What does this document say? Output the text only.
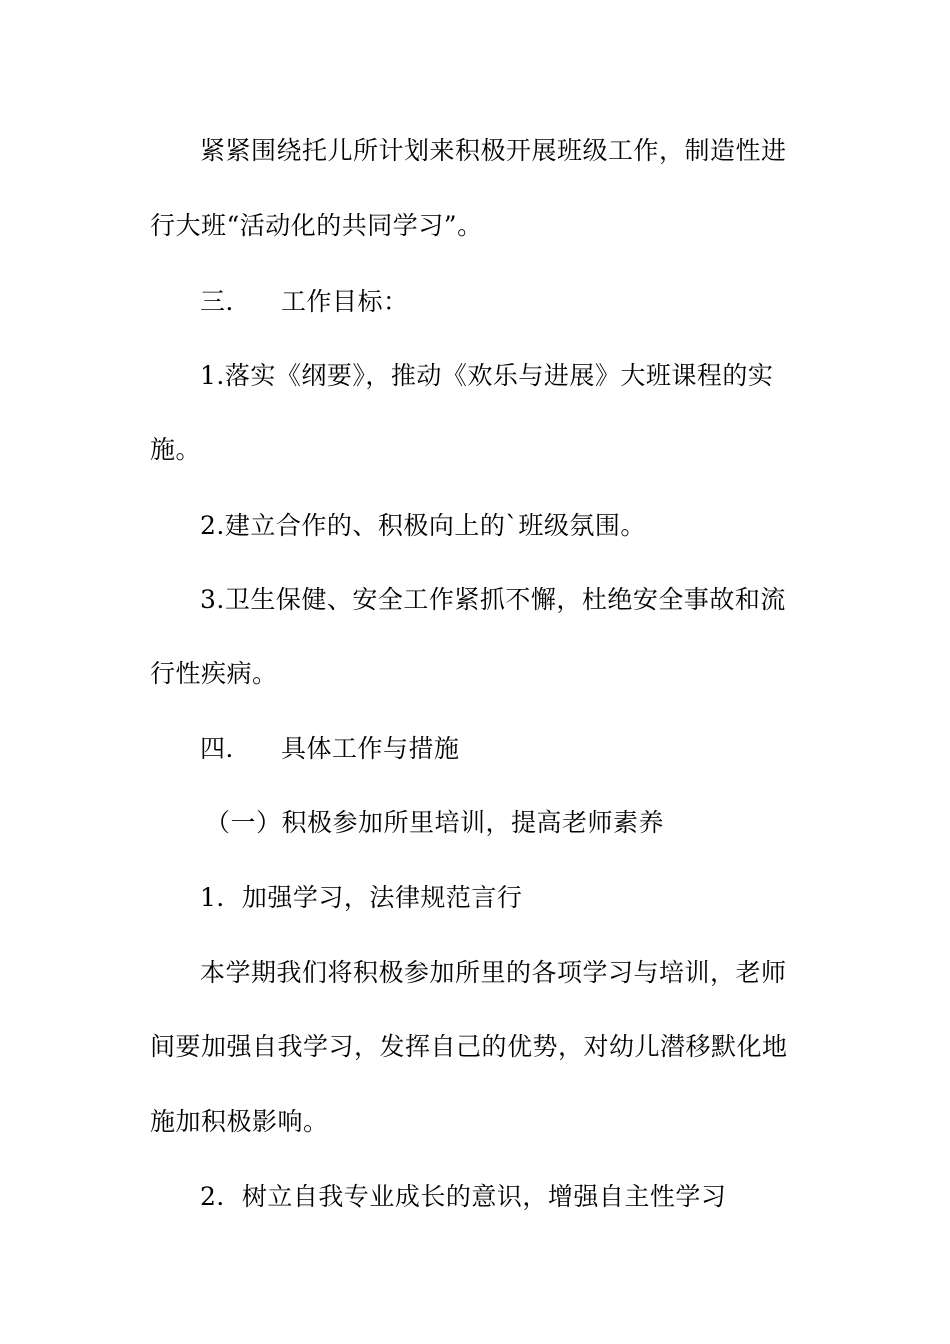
紧紧围绕托儿所计划来积极开展班级工作，制造性进
行大班“活动化的共同学习”。
三． 工作目标：
1.落实《纲要》，推动《欢乐与进展》大班课程的实
施。
2.建立合作的、积极向上的`班级氛围。
3.卫生保健、安全工作紧抓不懈，杜绝安全事故和流
行性疾病。
四． 具体工作与措施
（一）积极参加所里培训，提高老师素养
1．加强学习，法律规范言行
本学期我们将积极参加所里的各项学习与培训，老师
间要加强自我学习，发挥自己的优势，对幼儿潜移默化地
施加积极影响。
2．树立自我专业成长的意识，增强自主性学习
